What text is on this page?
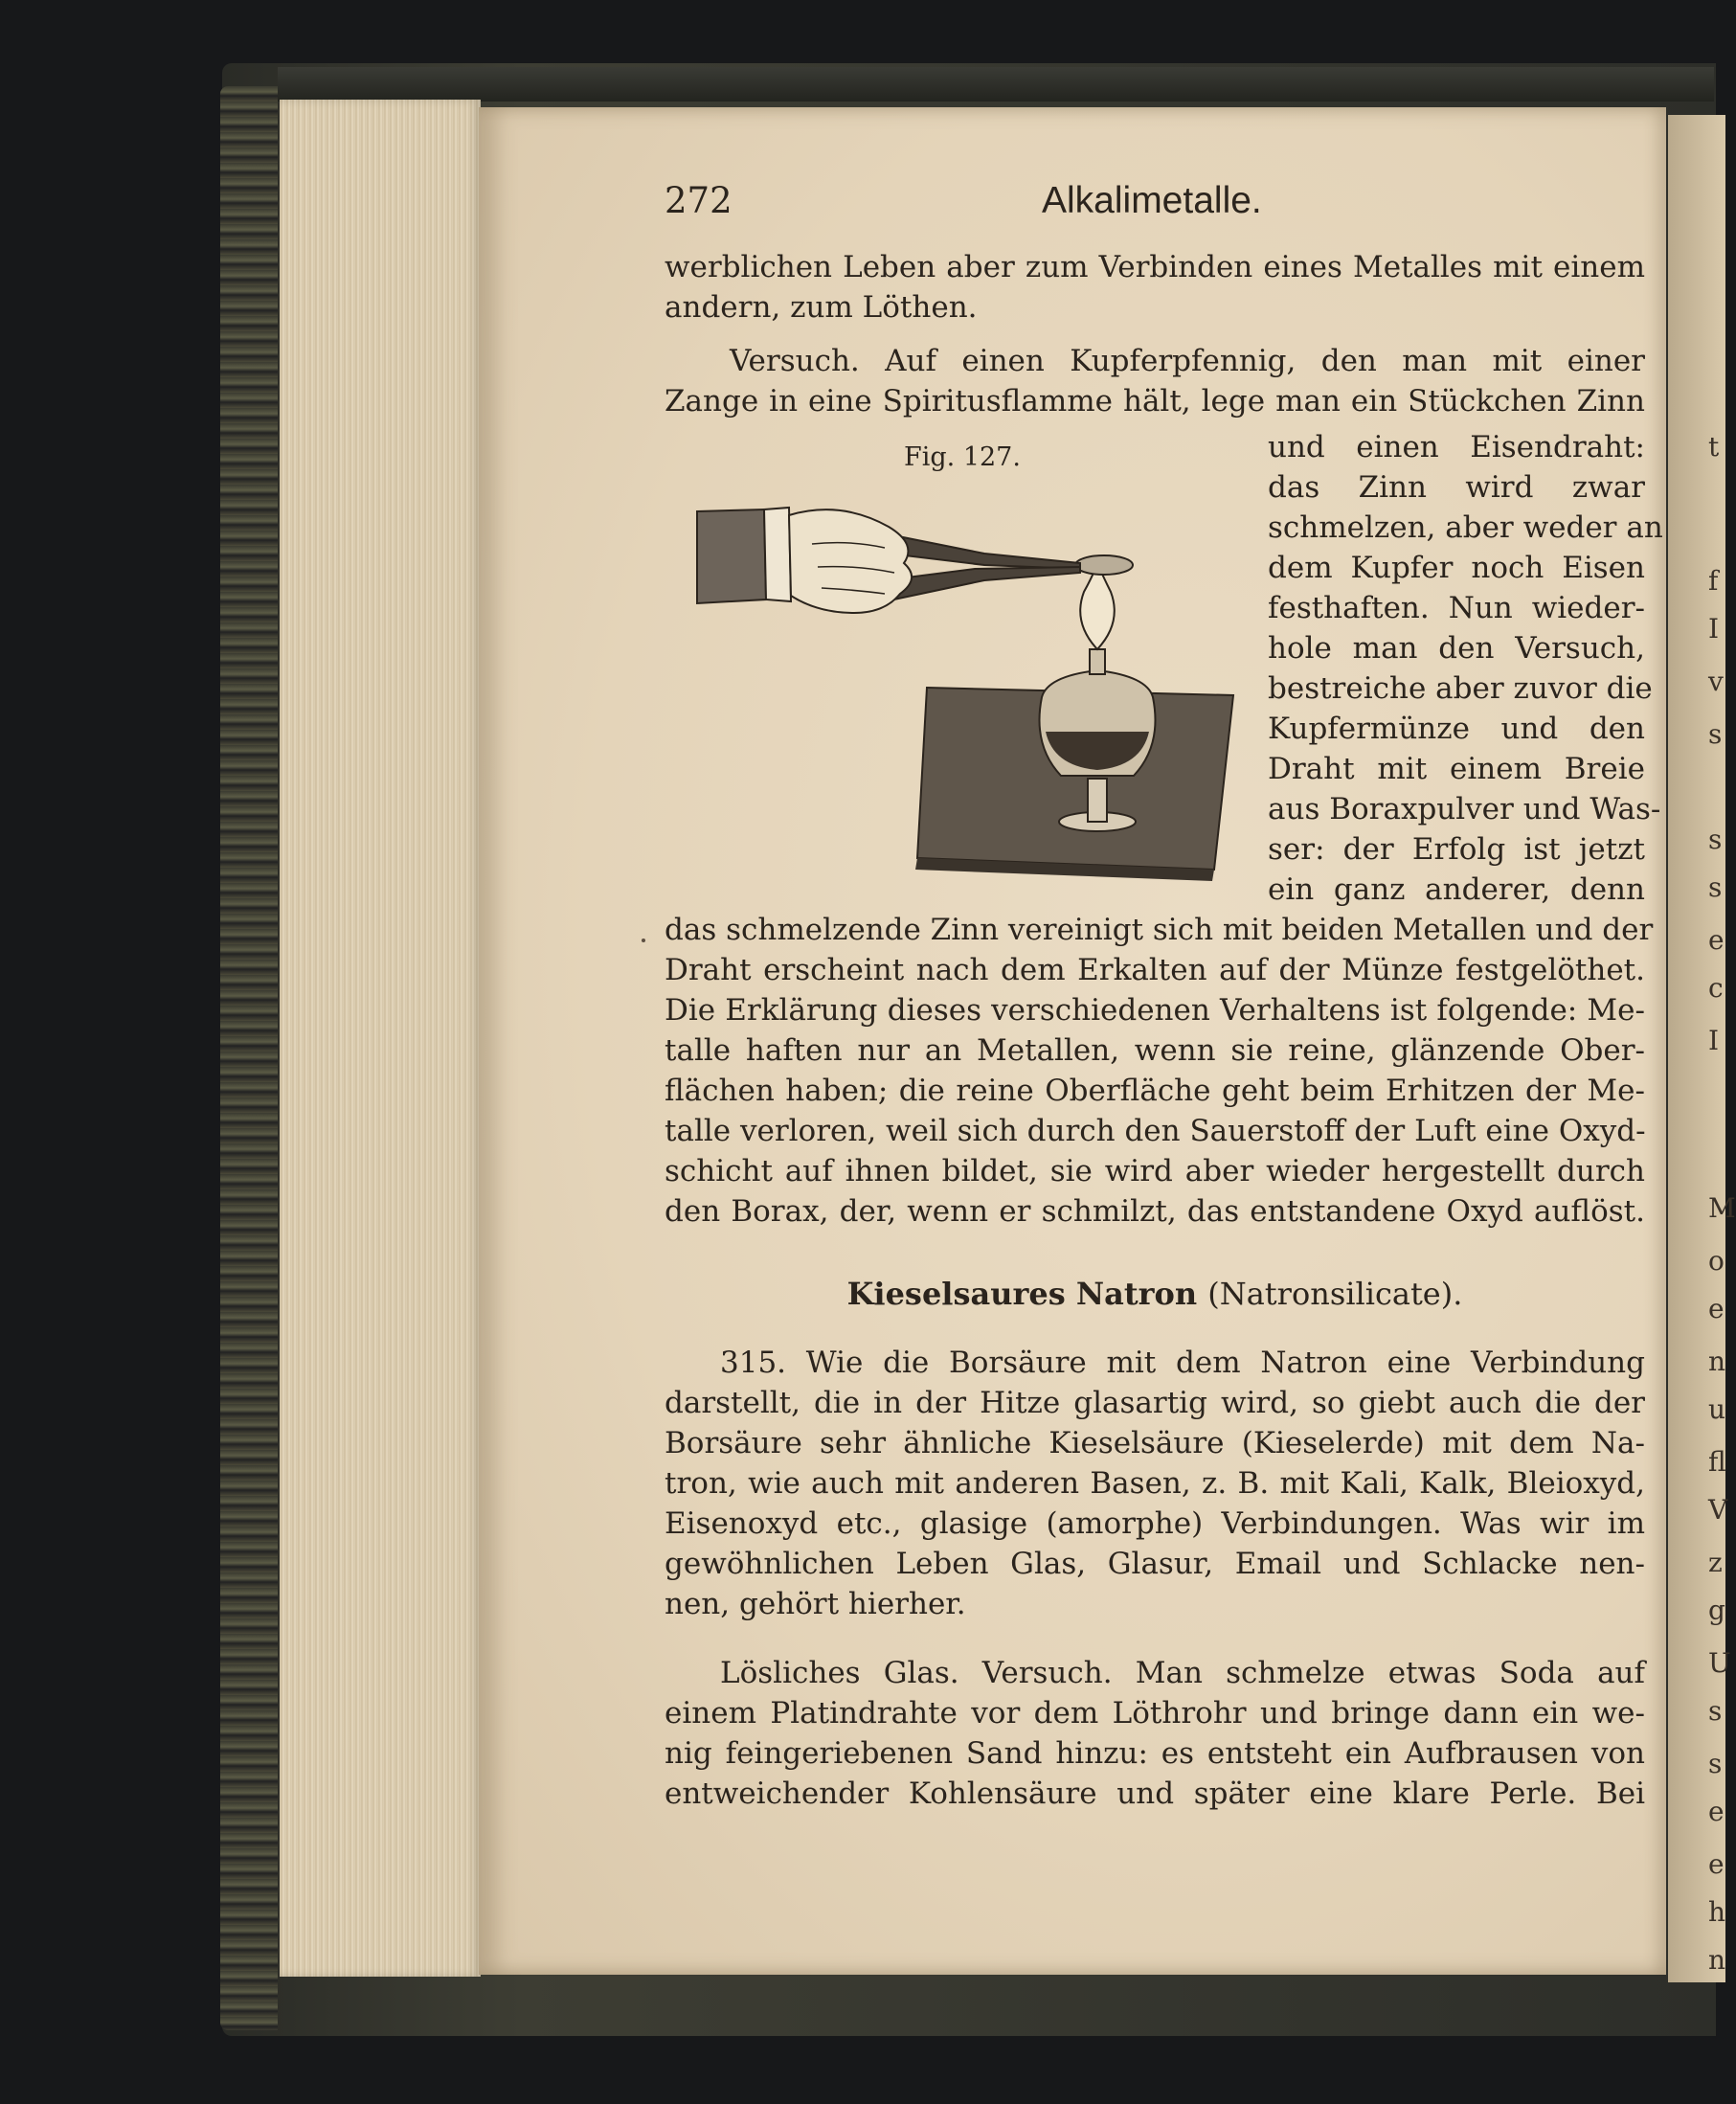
t
f
I
v
s
s
s
e
c
I
M
o
e
n
u
fl
V
z
g
U
s
s
e
e
h
n
272	Alkalimetalle.
werblichen Leben aber zum Verbinden eines Metalles mit einem
andern, zum Löthen.
Versuch. Auf einen Kupferpfennig, den man mit einer
Zange in eine Spiritusflamme hält, lege man ein Stückchen Zinn
Fig. 127.	und einen Eisendraht:
das Zinn wird zwar
schmelzen, aber weder an
dem Kupfer noch Eisen
festhaften. Nun wieder-
hole man den Versuch,
bestreiche aber zuvor die
Kupfermünze und den
Draht mit einem Breie
aus Boraxpulver und Was-
ser: der Erfolg ist jetzt
ein ganz anderer, denn
das schmelzende Zinn vereinigt sich mit beiden Metallen und der
Draht erscheint nach dem Erkalten auf der Münze festgelöthet.
Die Erklärung dieses verschiedenen Verhaltens ist folgende: Me-
talle haften nur an Metallen, wenn sie reine, glänzende Ober-
flächen haben; die reine Oberfläche geht beim Erhitzen der Me-
talle verloren, weil sich durch den Sauerstoff der Luft eine Oxyd-
schicht auf ihnen bildet, sie wird aber wieder hergestellt durch
den Borax, der, wenn er schmilzt, das entstandene Oxyd auflöst.
Kieselsaures Natron (Natronsilicate).
315. Wie die Borsäure mit dem Natron eine Verbindung
darstellt, die in der Hitze glasartig wird, so giebt auch die der
Borsäure sehr ähnliche Kieselsäure (Kieselerde) mit dem Na-
tron, wie auch mit anderen Basen, z. B. mit Kali, Kalk, Bleioxyd,
Eisenoxyd etc., glasige (amorphe) Verbindungen. Was wir im
gewöhnlichen Leben Glas, Glasur, Email und Schlacke nen-
nen, gehört hierher.
Lösliches Glas. Versuch. Man schmelze etwas Soda auf
einem Platindrahte vor dem Löthrohr und bringe dann ein we-
nig feingeriebenen Sand hinzu: es entsteht ein Aufbrausen von
entweichender Kohlensäure und später eine klare Perle. Bei
